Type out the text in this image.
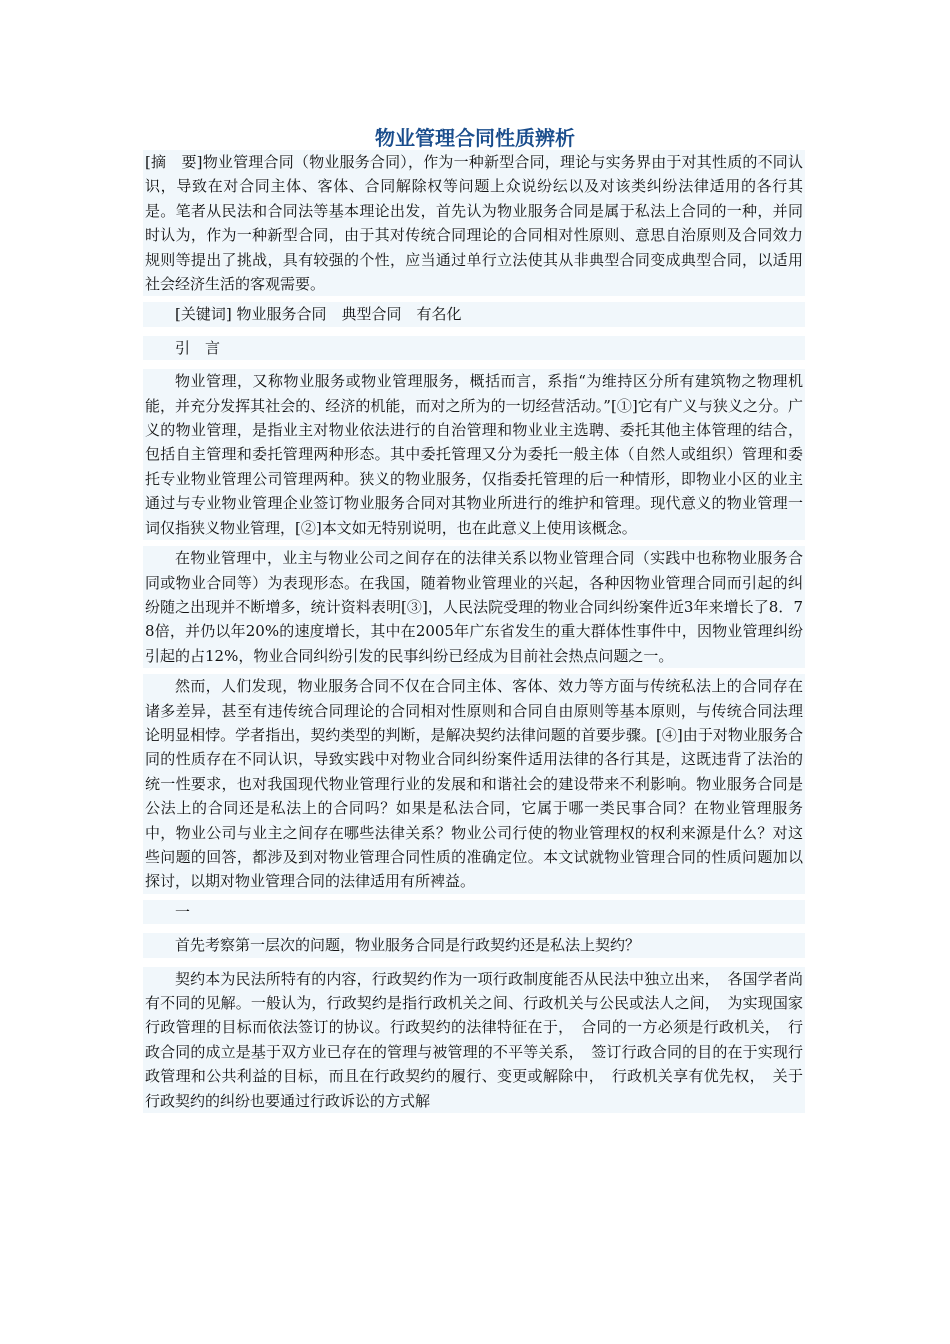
物业管理合同性质辨析

[摘　要]物业管理合同（物业服务合同），作为一种新型合同，理论与实务界由于对其性质的不同认识，导致在对合同主体、客体、合同解除权等问题上众说纷纭以及对该类纠纷法律适用的各行其是。笔者从民法和合同法等基本理论出发，首先认为物业服务合同是属于私法上合同的一种，并同时认为，作为一种新型合同，由于其对传统合同理论的合同相对性原则、意思自治原则及合同效力规则等提出了挑战，具有较强的个性，应当通过单行立法使其从非典型合同变成典型合同，以适用社会经济生活的客观需要。

[关键词] 物业服务合同　典型合同　有名化

引　言

物业管理，又称物业服务或物业管理服务，概括而言，系指“为维持区分所有建筑物之物理机能，并充分发挥其社会的、经济的机能，而对之所为的一切经营活动。”[①]它有广义与狭义之分。广义的物业管理，是指业主对物业依法进行的自治管理和物业业主选聘、委托其他主体管理的结合，包括自主管理和委托管理两种形态。其中委托管理又分为委托一般主体（自然人或组织）管理和委托专业物业管理公司管理两种。狭义的物业服务，仅指委托管理的后一种情形，即物业小区的业主通过与专业物业管理企业签订物业服务合同对其物业所进行的维护和管理。现代意义的物业管理一词仅指狭义物业管理，[②]本文如无特别说明，也在此意义上使用该概念。

在物业管理中，业主与物业公司之间存在的法律关系以物业管理合同（实践中也称物业服务合同或物业合同等）为表现形态。在我国，随着物业管理业的兴起，各种因物业管理合同而引起的纠纷随之出现并不断增多，统计资料表明[③]，人民法院受理的物业合同纠纷案件近3年来增长了8．78倍，并仍以年20%的速度增长，其中在2005年广东省发生的重大群体性事件中，因物业管理纠纷引起的占12%，物业合同纠纷引发的民事纠纷已经成为目前社会热点问题之一。

然而，人们发现，物业服务合同不仅在合同主体、客体、效力等方面与传统私法上的合同存在诸多差异，甚至有违传统合同理论的合同相对性原则和合同自由原则等基本原则，与传统合同法理论明显相悖。学者指出，契约类型的判断，是解决契约法律问题的首要步骤。[④]由于对物业服务合同的性质存在不同认识，导致实践中对物业合同纠纷案件适用法律的各行其是，这既违背了法治的统一性要求，也对我国现代物业管理行业的发展和和谐社会的建设带来不利影响。物业服务合同是公法上的合同还是私法上的合同吗？如果是私法合同，它属于哪一类民事合同？在物业管理服务中，物业公司与业主之间存在哪些法律关系？物业公司行使的物业管理权的权利来源是什么？对这些问题的回答，都涉及到对物业管理合同性质的准确定位。本文试就物业管理合同的性质问题加以探讨，以期对物业管理合同的法律适用有所裨益。

一

首先考察第一层次的问题，物业服务合同是行政契约还是私法上契约？

契约本为民法所特有的内容，行政契约作为一项行政制度能否从民法中独立出来，　各国学者尚有不同的见解。一般认为，行政契约是指行政机关之间、行政机关与公民或法人之间，　为实现国家行政管理的目标而依法签订的协议。行政契约的法律特征在于，　合同的一方必须是行政机关，　行政合同的成立是基于双方业已存在的管理与被管理的不平等关系，　签订行政合同的目的在于实现行政管理和公共利益的目标，而且在行政契约的履行、变更或解除中，　行政机关享有优先权，　关于行政契约的纠纷也要通过行政诉讼的方式解
